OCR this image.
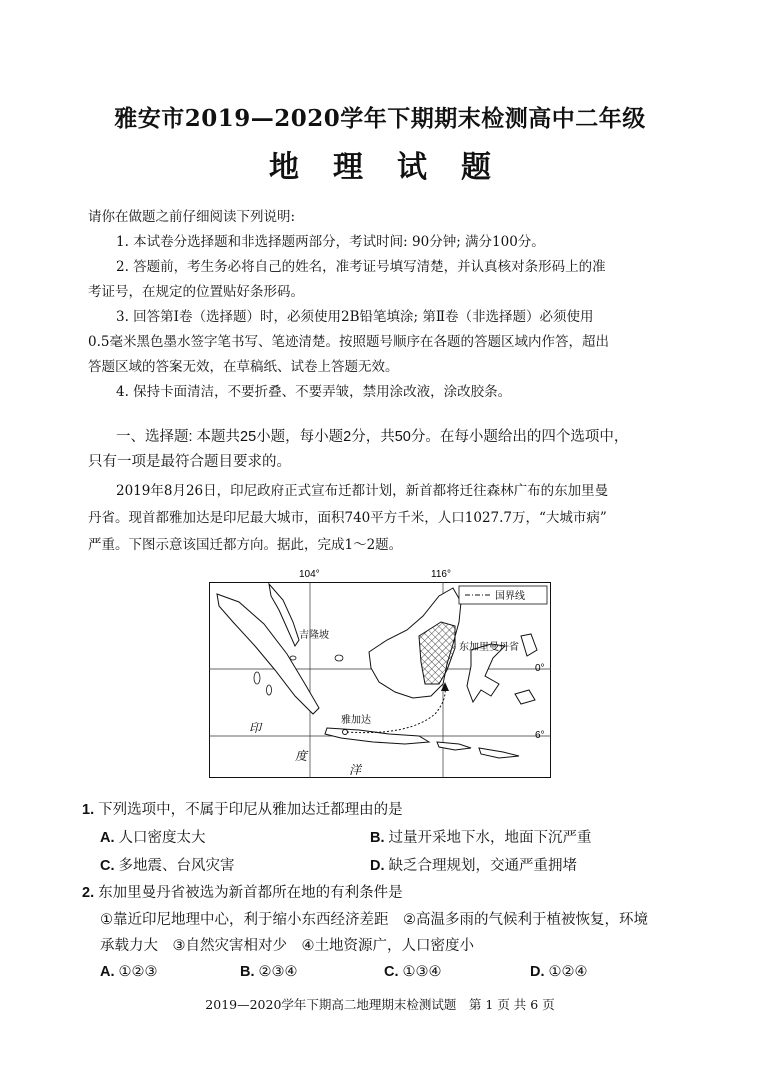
雅安市2019—2020学年下期期末检测高中二年级
地理试题

请你在做题之前仔细阅读下列说明:

1. 本试卷分选择题和非选择题两部分，考试时间: 90分钟; 满分100分。

2. 答题前，考生务必将自己的姓名，准考证号填写清楚，并认真核对条形码上的准

考证号，在规定的位置贴好条形码。

3. 回答第Ⅰ卷（选择题）时，必须使用2B铅笔填涂; 第Ⅱ卷（非选择题）必须使用

0.5毫米黑色墨水签字笔书写、笔迹清楚。按照题号顺序在各题的答题区域内作答，超出

答题区域的答案无效，在草稿纸、试卷上答题无效。

4. 保持卡面清洁，不要折叠、不要弄皱，禁用涂改液，涂改胶条。

一、选择题: 本题共25小题，每小题2分，共50分。在每小题给出的四个选项中，

只有一项是最符合题目要求的。

2019年8月26日，印尼政府正式宣布迁都计划，新首都将迁往森林广布的东加里曼

丹省。现首都雅加达是印尼最大城市，面积740平方千米，人口1027.7万，“大城市病”

严重。下图示意该国迁都方向。据此，完成1～2题。

104°	116°
0°
6°
国界线
吉隆坡
东加里曼丹省
雅加达
印
度
洋
1. 下列选项中，不属于印尼从雅加达迁都理由的是
A. 人口密度太大	B. 过量开采地下水，地面下沉严重
C. 多地震、台风灾害	D. 缺乏合理规划，交通严重拥堵
2. 东加里曼丹省被选为新首都所在地的有利条件是
①靠近印尼地理中心，利于缩小东西经济差距　②高温多雨的气候利于植被恢复，环境
承载力大　③自然灾害相对少　④土地资源广，人口密度小
A. ①②③	B. ②③④	C. ①③④	D. ①②④
2019—2020学年下期高二地理期末检测试题　第 1 页 共 6 页
